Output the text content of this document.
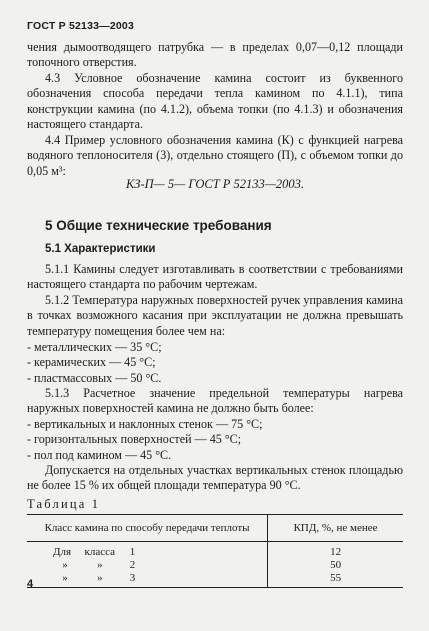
ГОСТ Р 52133—2003
чения дымоотводящего патрубка — в пределах 0,07—0,12 площади топочного отверстия.
4.3 Условное обозначение камина состоит из буквенного обозначения способа передачи тепла камином по 4.1.1), типа конструкции камина (по 4.1.2), объема топки (по 4.1.3) и обозначения настоящего стандарта.
4.4 Пример условного обозначения камина (К) с функцией нагрева водяного теплоносителя (3), отдельно стоящего (П), с объемом топки до 0,05 м³:
КЗ-П— 5— ГОСТ Р 52133—2003.
5 Общие технические требования
5.1 Характеристики
5.1.1 Камины следует изготавливать в соответствии с требованиями настоящего стандарта по рабочим чертежам.
5.1.2 Температура наружных поверхностей ручек управления камина в точках возможного касания при эксплуатации не должна превышать температуру помещения более чем на:
- металлических — 35 °С;
- керамических — 45 °С;
- пластмассовых — 50 °С.
5.1.3 Расчетное значение предельной температуры нагрева наружных поверхностей камина не должно быть более:
- вертикальных и наклонных стенок — 75 °С;
- горизонтальных поверхностей — 45 °С;
- пол под камином — 45 °С.
Допускается на отдельных участках вертикальных стенок площадью не более 15 % их общей площади температура 90 °С.
Таблица 1
Класс камина по способу передачи теплоты	КПД, %, не менее
Для класса 1	12
» » 2	50
» » 3	55
4
